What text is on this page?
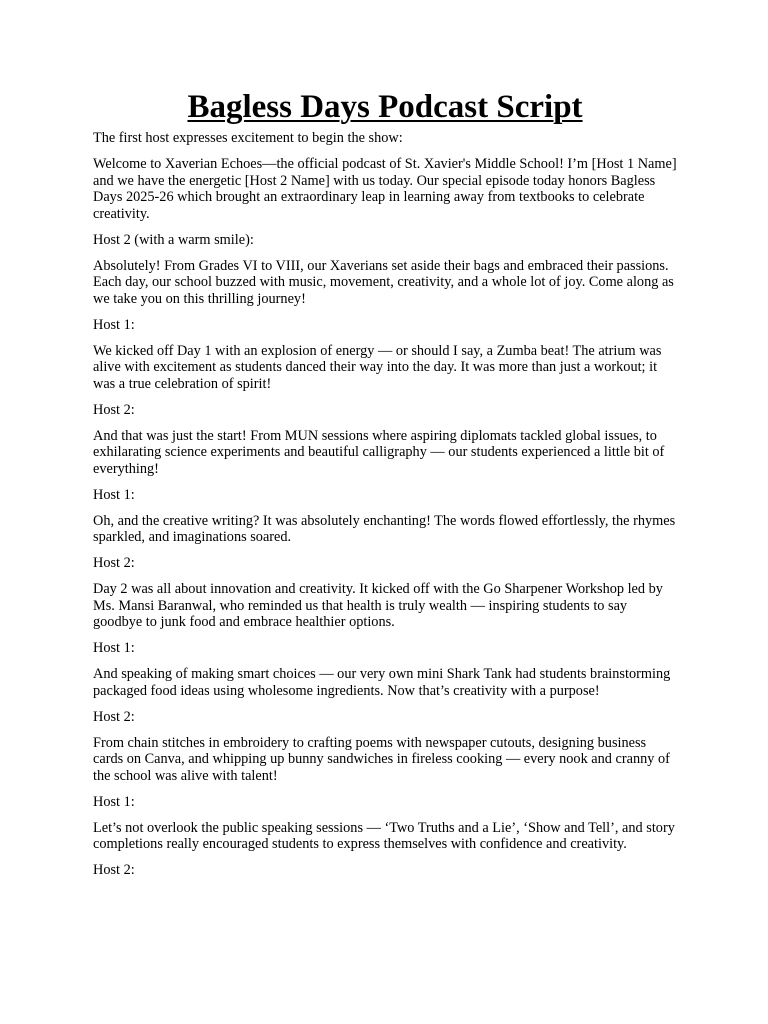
Bagless Days Podcast Script

The first host expresses excitement to begin the show:

Welcome to Xaverian Echoes—the official podcast of St. Xavier's Middle School! I’m [Host 1 Name] and we have the energetic [Host 2 Name] with us today. Our special episode today honors Bagless Days 2025-26 which brought an extraordinary leap in learning away from textbooks to celebrate creativity.

Host 2 (with a warm smile):

Absolutely! From Grades VI to VIII, our Xaverians set aside their bags and embraced their passions. Each day, our school buzzed with music, movement, creativity, and a whole lot of joy. Come along as we take you on this thrilling journey!

Host 1:

We kicked off Day 1 with an explosion of energy — or should I say, a Zumba beat! The atrium was alive with excitement as students danced their way into the day. It was more than just a workout; it was a true celebration of spirit!

Host 2:

And that was just the start! From MUN sessions where aspiring diplomats tackled global issues, to exhilarating science experiments and beautiful calligraphy — our students experienced a little bit of everything!

Host 1:

Oh, and the creative writing? It was absolutely enchanting! The words flowed effortlessly, the rhymes sparkled, and imaginations soared.

Host 2:

Day 2 was all about innovation and creativity. It kicked off with the Go Sharpener Workshop led by Ms. Mansi Baranwal, who reminded us that health is truly wealth — inspiring students to say goodbye to junk food and embrace healthier options.

Host 1:

And speaking of making smart choices — our very own mini Shark Tank had students brainstorming packaged food ideas using wholesome ingredients. Now that’s creativity with a purpose!

Host 2:

From chain stitches in embroidery to crafting poems with newspaper cutouts, designing business cards on Canva, and whipping up bunny sandwiches in fireless cooking — every nook and cranny of the school was alive with talent!

Host 1:

Let’s not overlook the public speaking sessions — ‘Two Truths and a Lie’, ‘Show and Tell’, and story completions really encouraged students to express themselves with confidence and creativity.

Host 2:
